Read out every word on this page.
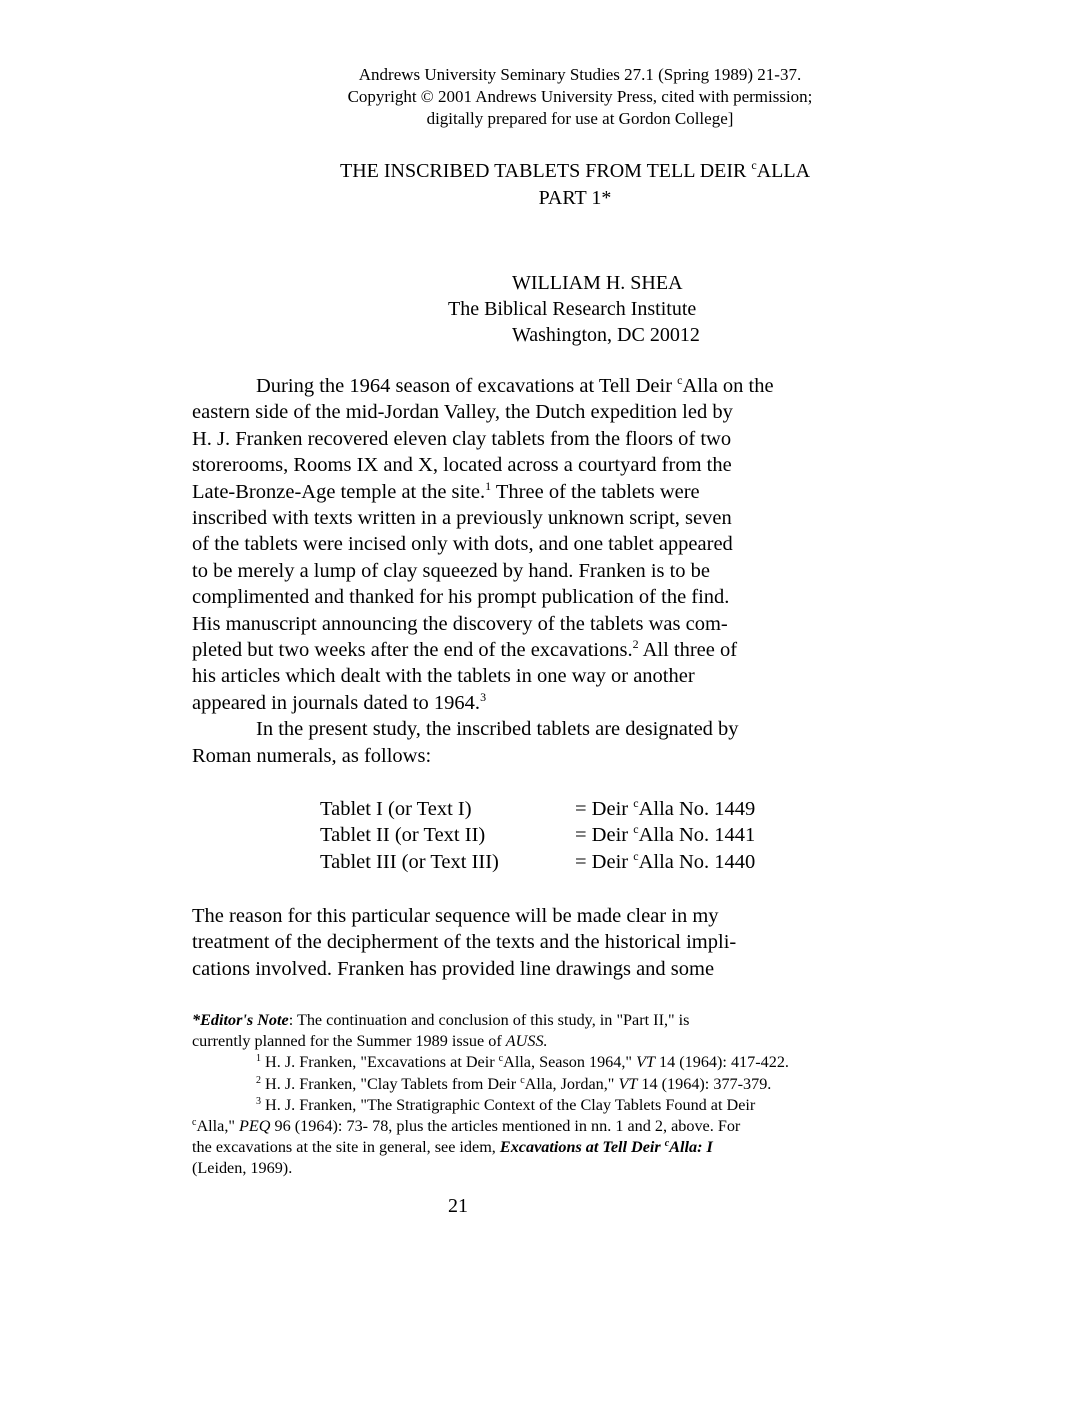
Andrews University Seminary Studies 27.1 (Spring 1989) 21-37.
Copyright © 2001 Andrews University Press, cited with permission;
digitally prepared for use at Gordon College]
THE INSCRIBED TABLETS FROM TELL DEIR $^c$ALLA
PART 1*
WILLIAM H. SHEA
The Biblical Research Institute
Washington, DC 20012
During the 1964 season of excavations at Tell Deir $^c$Alla on the
eastern side of the mid-Jordan Valley, the Dutch expedition led by
H. J. Franken recovered eleven clay tablets from the floors of two
storerooms, Rooms IX and X, located across a courtyard from the
Late-Bronze-Age temple at the site.$^1$ Three of the tablets were
inscribed with texts written in a previously unknown script, seven
of the tablets were incised only with dots, and one tablet appeared
to be merely a lump of clay squeezed by hand. Franken is to be
complimented and thanked for his prompt publication of the find.
His manuscript announcing the discovery of the tablets was com-
pleted but two weeks after the end of the excavations.$^2$ All three of
his articles which dealt with the tablets in one way or another
appeared in journals dated to 1964.$^3$
In the present study, the inscribed tablets are designated by
Roman numerals, as follows:
Tablet I (or Text I)	= Deir $^c$Alla No. 1449
Tablet II (or Text II)	= Deir $^c$Alla No. 1441
Tablet III (or Text III)	= Deir $^c$Alla No. 1440
The reason for this particular sequence will be made clear in my
treatment of the decipherment of the texts and the historical impli-
cations involved. Franken has provided line drawings and some
*Editor's Note: The continuation and conclusion of this study, in "Part II," is
currently planned for the Summer 1989 issue of AUSS.
$^1$ H. J. Franken, "Excavations at Deir $^c$Alla, Season 1964," VT 14 (1964): 417-422.
$^2$ H. J. Franken, "Clay Tablets from Deir $^c$Alla, Jordan," VT 14 (1964): 377-379.
$^3$ H. J. Franken, "The Stratigraphic Context of the Clay Tablets Found at Deir
$^c$Alla," PEQ 96 (1964): 73- 78, plus the articles mentioned in nn. 1 and 2, above. For
the excavations at the site in general, see idem, Excavations at Tell Deir $^c$Alla: I
(Leiden, 1969).
21
